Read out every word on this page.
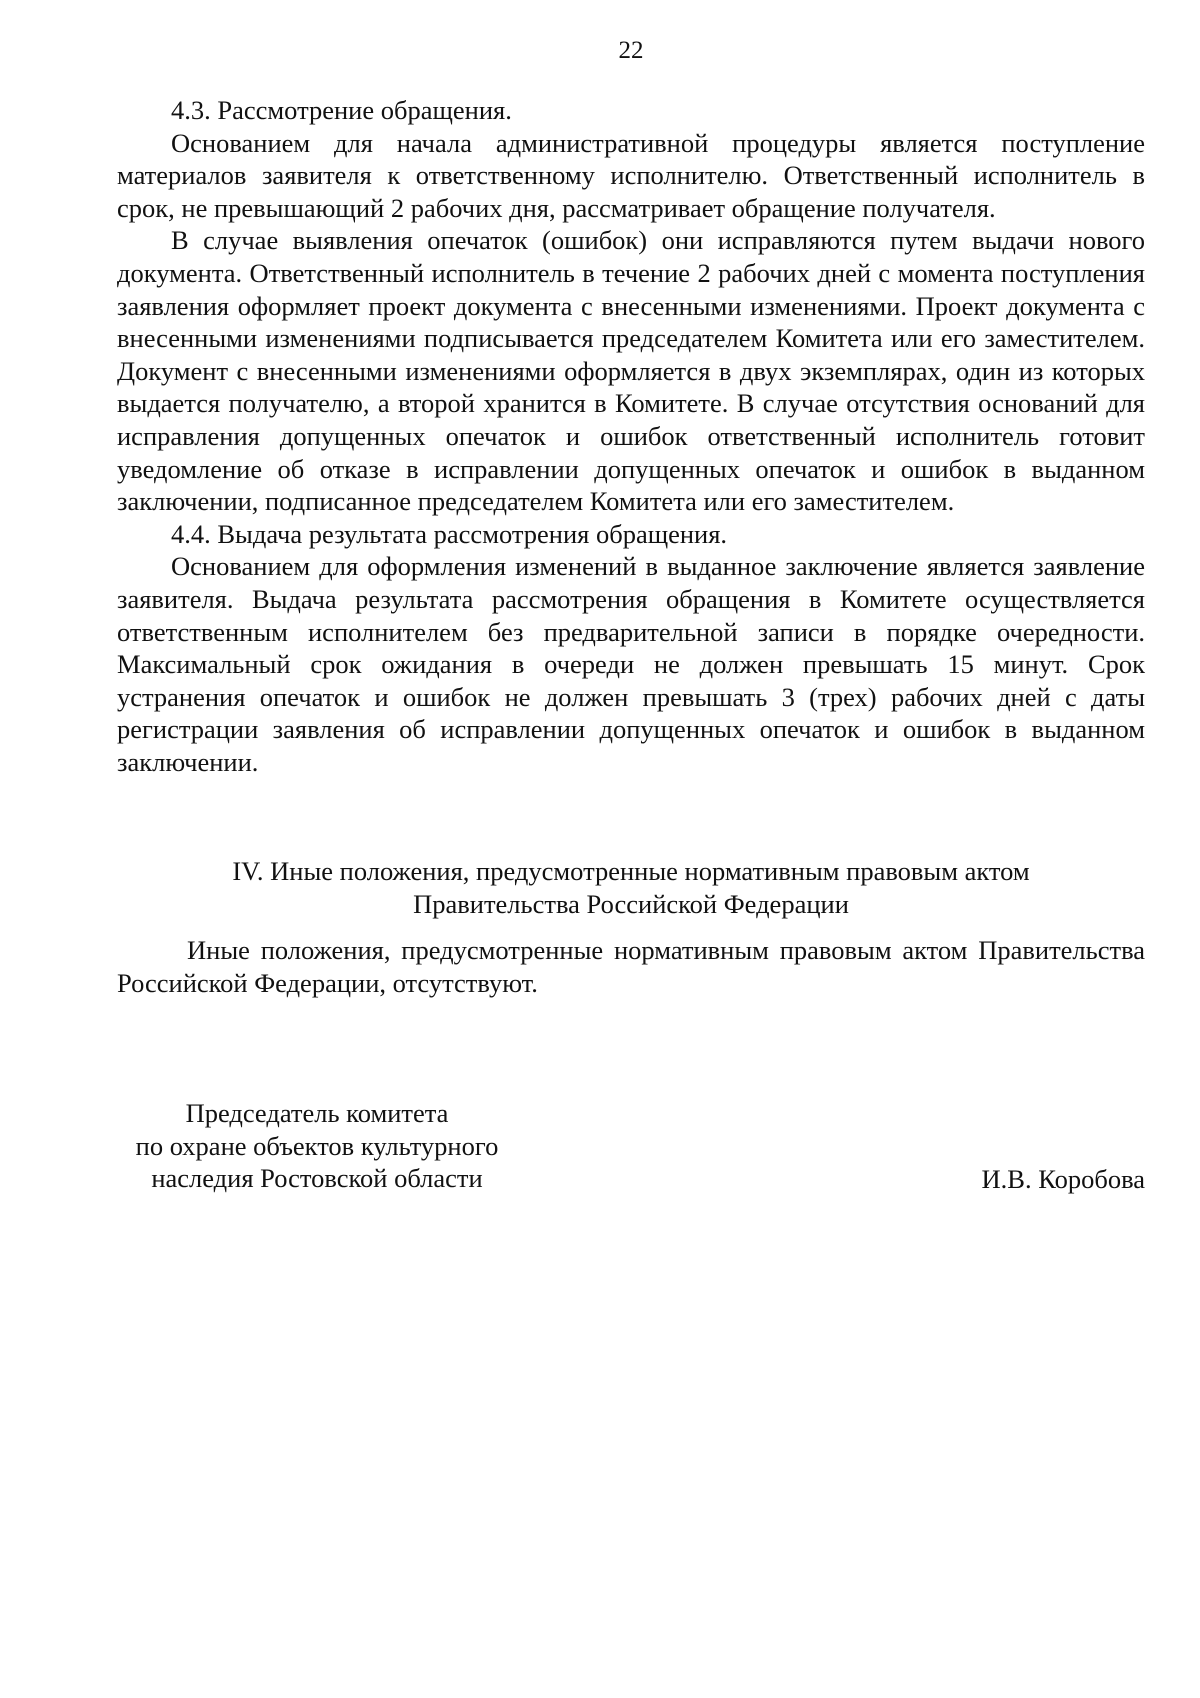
22

4.3. Рассмотрение обращения.

Основанием для начала административной процедуры является поступление материалов заявителя к ответственному исполнителю. Ответственный исполнитель в срок, не превышающий 2 рабочих дня, рассматривает обращение получателя.

В случае выявления опечаток (ошибок) они исправляются путем выдачи нового документа. Ответственный исполнитель в течение 2 рабочих дней с момента поступления заявления оформляет проект документа с внесенными изменениями. Проект документа с внесенными изменениями подписывается председателем Комитета или его заместителем. Документ с внесенными изменениями оформляется в двух экземплярах, один из которых выдается получателю, а второй хранится в Комитете. В случае отсутствия оснований для исправления допущенных опечаток и ошибок ответственный исполнитель готовит уведомление об отказе в исправлении допущенных опечаток и ошибок в выданном заключении, подписанное председателем Комитета или его заместителем.

4.4. Выдача результата рассмотрения обращения.

Основанием для оформления изменений в выданное заключение является заявление заявителя. Выдача результата рассмотрения обращения в Комитете осуществляется ответственным исполнителем без предварительной записи в порядке очередности. Максимальный срок ожидания в очереди не должен превышать 15 минут. Срок устранения опечаток и ошибок не должен превышать 3 (трех) рабочих дней с даты регистрации заявления об исправлении допущенных опечаток и ошибок в выданном заключении.

IV. Иные положения, предусмотренные нормативным правовым актом
Правительства Российской Федерации

Иные положения, предусмотренные нормативным правовым актом Правительства Российской Федерации, отсутствуют.

Председатель комитета
по охране объектов культурного
наследия Ростовской области	И.В. Коробова
